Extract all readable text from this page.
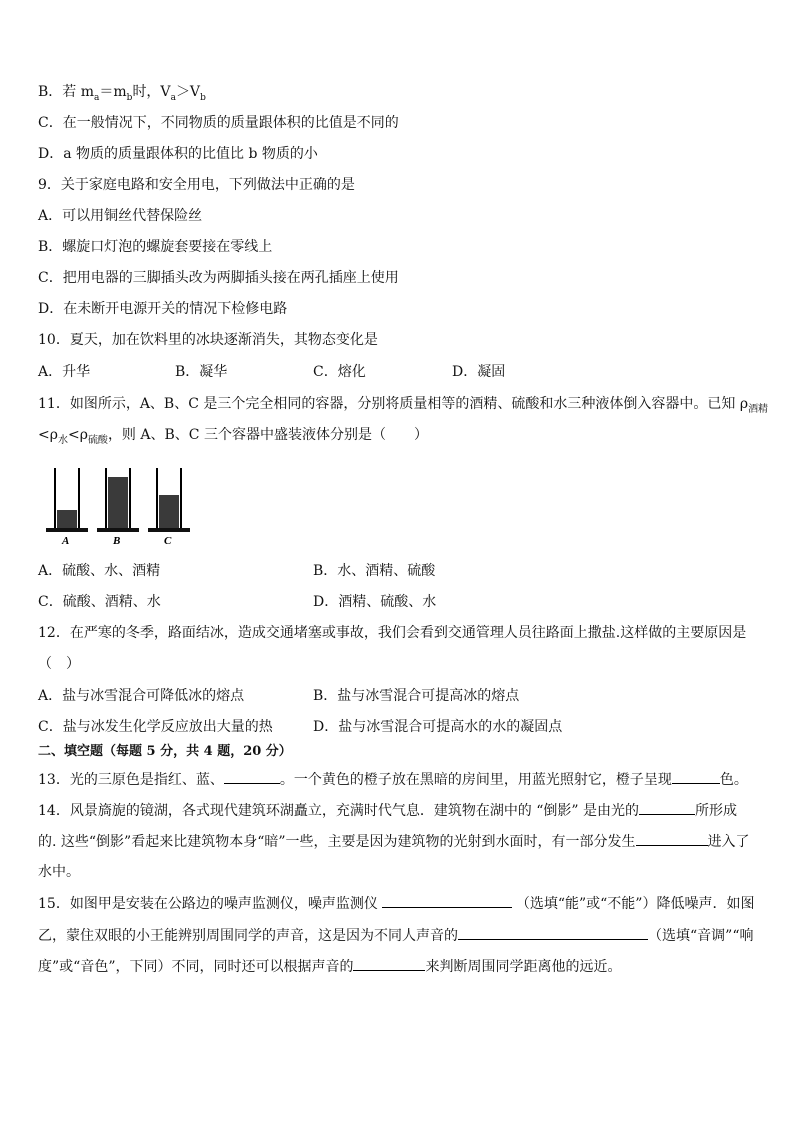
B．若 $m_a=m_b$时，$V_a>V_b$
C．在一般情况下，不同物质的质量跟体积的比值是不同的
D．a 物质的质量跟体积的比值比 b 物质的小
9．关于家庭电路和安全用电，下列做法中正确的是
A．可以用铜丝代替保险丝
B．螺旋口灯泡的螺旋套要接在零线上
C．把用电器的三脚插头改为两脚插头接在两孔插座上使用
D．在未断开电源开关的情况下检修电路
10．夏天，加在饮料里的冰块逐渐消失，其物态变化是
A．升华	B．凝华	C．熔化	D．凝固
11．如图所示，A、B、C 是三个完全相同的容器，分别将质量相等的酒精、硫酸和水三种液体倒入容器中。已知 $\rho_{酒精}$
$<\rho_水<\rho_{硫酸}$，则 A、B、C 三个容器中盛装液体分别是（　　）
A	B	C
A．硫酸、水、酒精	B．水、酒精、硫酸
C．硫酸、酒精、水	D．酒精、硫酸、水
12．在严寒的冬季，路面结冰，造成交通堵塞或事故，我们会看到交通管理人员往路面上撒盐.这样做的主要原因是
（　）
A．盐与冰雪混合可降低冰的熔点	B．盐与冰雪混合可提高冰的熔点
C．盐与冰发生化学反应放出大量的热	D．盐与冰雪混合可提高水的水的凝固点
二、填空题（每题 5 分，共 4 题，20 分）
13．光的三原色是指红、蓝、	。一个黄色的橙子放在黑暗的房间里，用蓝光照射它，橙子呈现	色。
14．风景旖旎的镜湖，各式现代建筑环湖矗立，充满时代气息．建筑物在湖中的 “倒影” 是由光的	所形成
的. 这些“倒影”看起来比建筑物本身“暗”一些，主要是因为建筑物的光射到水面时，有一部分发生	进入了
水中。
15．如图甲是安装在公路边的噪声监测仪，噪声监测仪	（选填“能”或“不能”）降低噪声．如图
乙，蒙住双眼的小王能辨别周围同学的声音，这是因为不同人声音的	（选填“音调”“响
度”或“音色”，下同）不同，同时还可以根据声音的	来判断周围同学距离他的远近。
